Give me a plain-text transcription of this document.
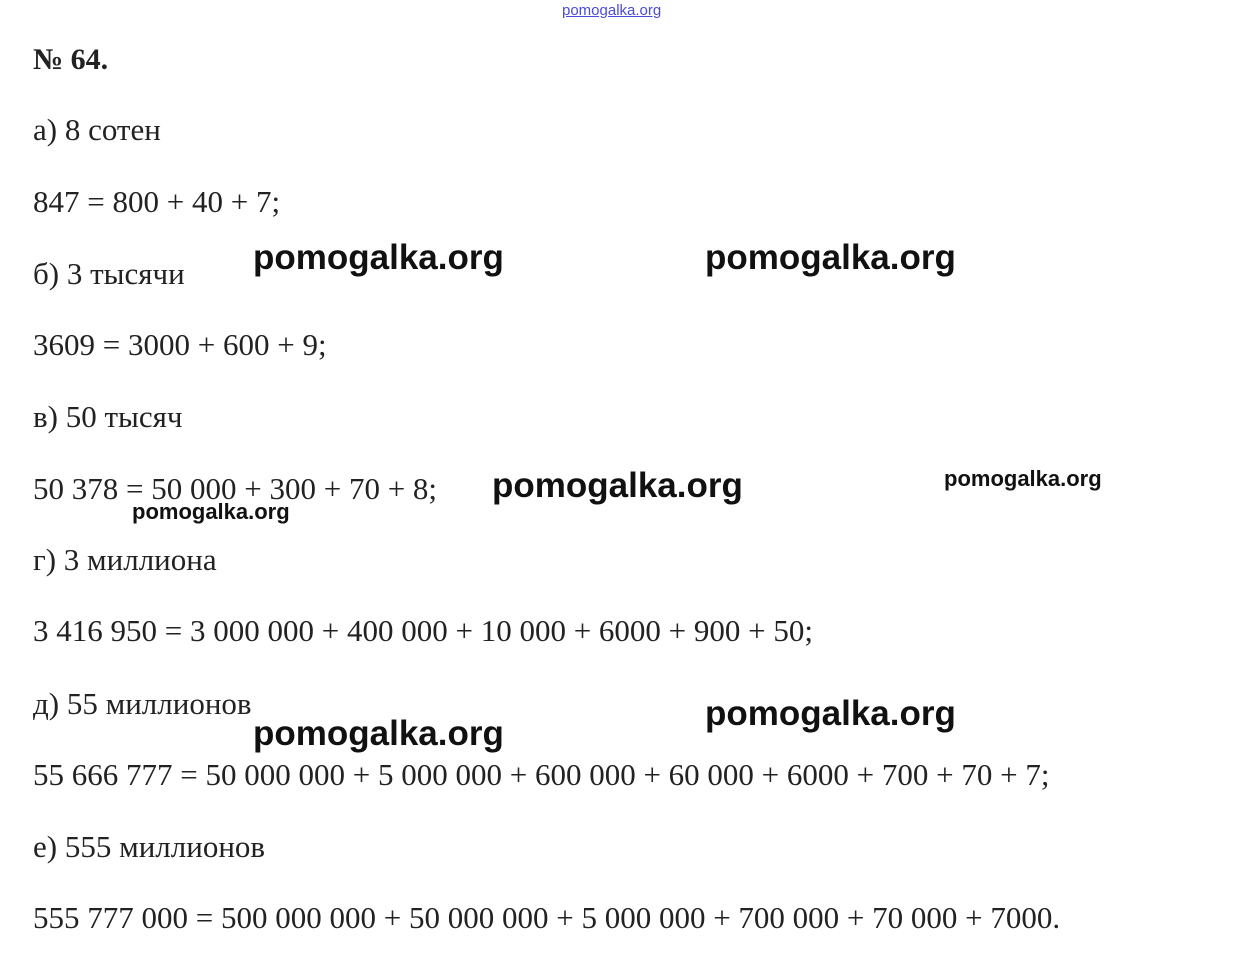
pomogalka.org
№ 64.
а) 8 сотен
847 = 800 + 40 + 7;
б) 3 тысячи
3609 = 3000 + 600 + 9;
в) 50 тысяч
50 378 = 50 000 + 300 + 70 + 8;
г) 3 миллиона
3 416 950 = 3 000 000 + 400 000 + 10 000 + 6000 + 900 + 50;
д) 55 миллионов
55 666 777 = 50 000 000 + 5 000 000 + 600 000 + 60 000 + 6000 + 700 + 70 + 7;
е) 555 миллионов
555 777 000 = 500 000 000 + 50 000 000 + 5 000 000 + 700 000 + 70 000 + 7000.
pomogalka.org	pomogalka.org
pomogalka.org	pomogalka.org
pomogalka.org
pomogalka.org
pomogalka.org
